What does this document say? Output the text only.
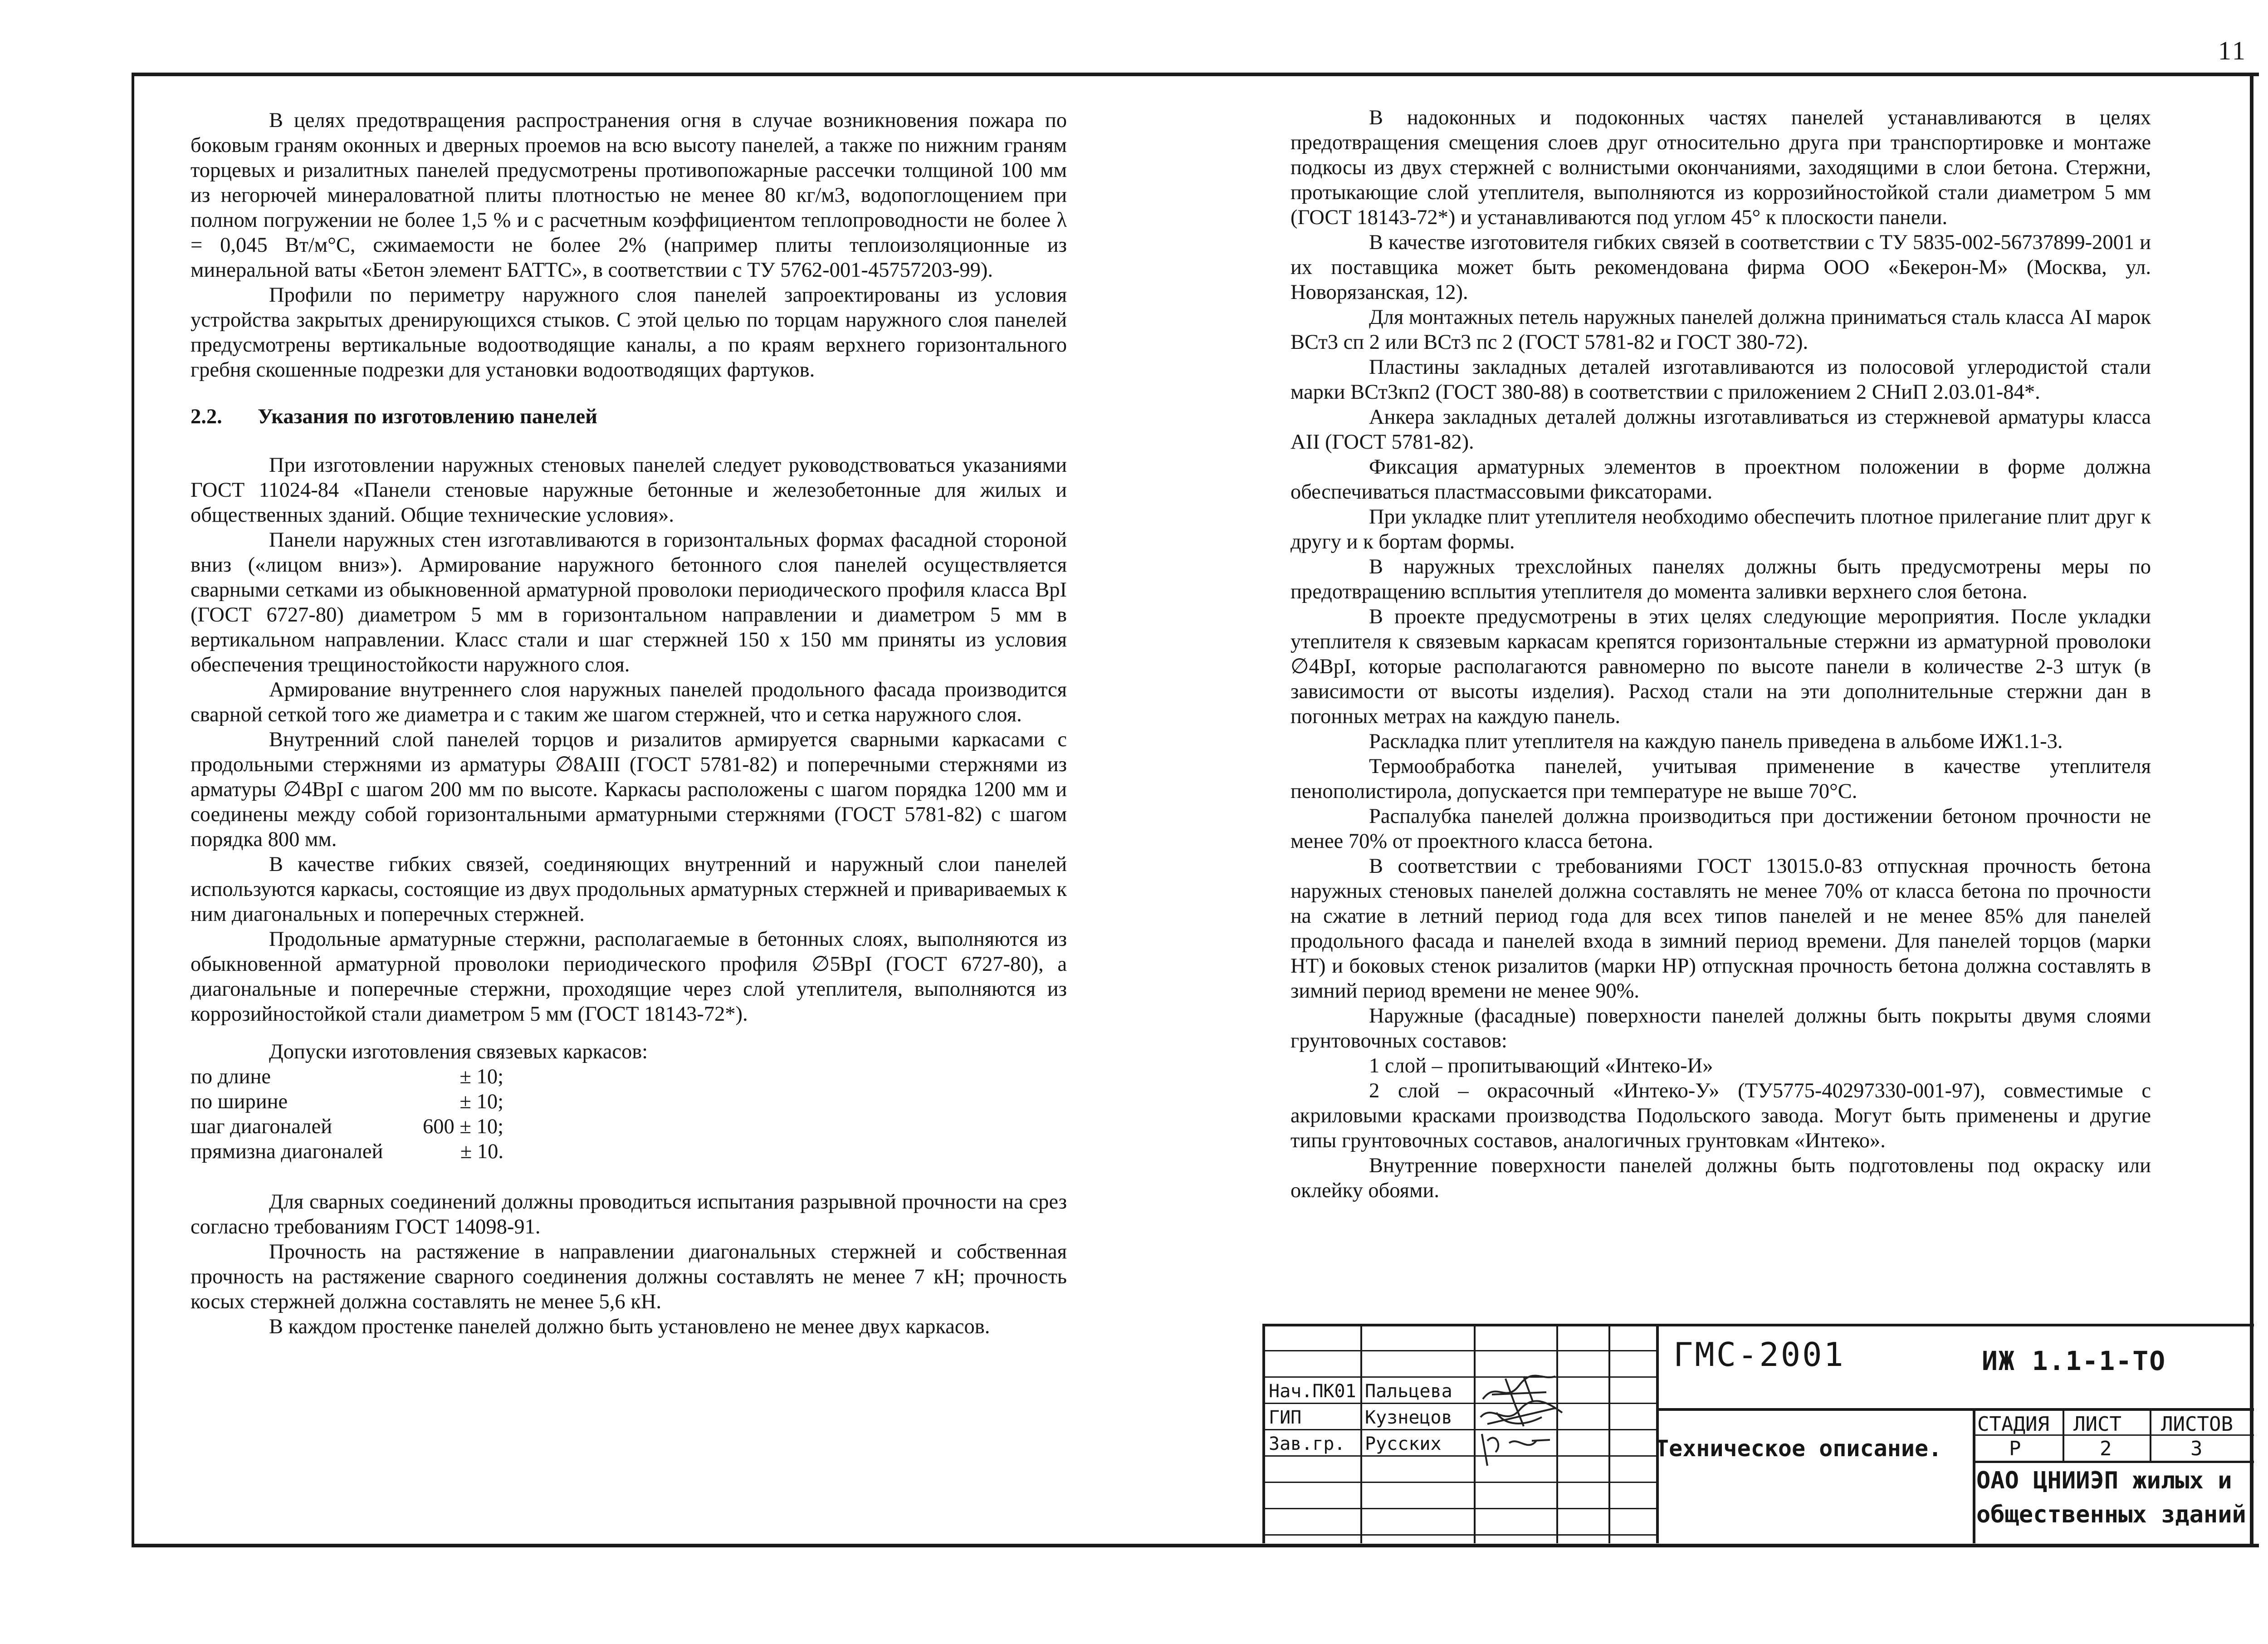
11

В целях предотвращения распространения огня в случае возникновения пожара по боковым граням оконных и дверных проемов на всю высоту панелей, а также по нижним граням торцевых и ризалитных панелей предусмотрены противопожарные рассечки толщиной 100 мм из негорючей минераловатной плиты плотностью не менее 80 кг/м3, водопоглощением при полном погружении не более 1,5 % и с расчетным коэффициентом теплопроводности не более λ = 0,045 Вт/м°С, сжимаемости не более 2% (например плиты теплоизоляционные из минеральной ваты «Бетон элемент БАТТС», в соответствии с ТУ 5762-001-45757203-99).

Профили по периметру наружного слоя панелей запроектированы из условия устройства закрытых дренирующихся стыков. С этой целью по торцам наружного слоя панелей предусмотрены вертикальные водоотводящие каналы, а по краям верхнего горизонтального гребня скошенные подрезки для установки водоотводящих фартуков.

2.2. Указания по изготовлению панелей

При изготовлении наружных стеновых панелей следует руководствоваться указаниями ГОСТ 11024-84 «Панели стеновые наружные бетонные и железобетонные для жилых и общественных зданий. Общие технические условия».

Панели наружных стен изготавливаются в горизонтальных формах фасадной стороной вниз («лицом вниз»). Армирование наружного бетонного слоя панелей осуществляется сварными сетками из обыкновенной арматурной проволоки периодического профиля класса ВрI (ГОСТ 6727-80) диаметром 5 мм в горизонтальном направлении и диаметром 5 мм в вертикальном направлении. Класс стали и шаг стержней 150 х 150 мм приняты из условия обеспечения трещиностойкости наружного слоя.

Армирование внутреннего слоя наружных панелей продольного фасада производится сварной сеткой того же диаметра и с таким же шагом стержней, что и сетка наружного слоя.

Внутренний слой панелей торцов и ризалитов армируется сварными каркасами с продольными стержнями из арматуры ∅8АIII (ГОСТ 5781-82) и поперечными стержнями из арматуры ∅4ВрI с шагом 200 мм по высоте. Каркасы расположены с шагом порядка 1200 мм и соединены между собой горизонтальными арматурными стержнями (ГОСТ 5781-82) с шагом порядка 800 мм.

В качестве гибких связей, соединяющих внутренний и наружный слои панелей используются каркасы, состоящие из двух продольных арматурных стержней и привариваемых к ним диагональных и поперечных стержней.

Продольные арматурные стержни, располагаемые в бетонных слоях, выполняются из обыкновенной арматурной проволоки периодического профиля ∅5ВрI (ГОСТ 6727-80), а диагональные и поперечные стержни, проходящие через слой утеплителя, выполняются из коррозийностойкой стали диаметром 5 мм (ГОСТ 18143-72*).

Допуски изготовления связевых каркасов:

по длине	± 10;
по ширине	± 10;
шаг диагоналей	600 ± 10;
прямизна диагоналей	± 10.

Для сварных соединений должны проводиться испытания разрывной прочности на срез согласно требованиям ГОСТ 14098-91.

Прочность на растяжение в направлении диагональных стержней и собственная прочность на растяжение сварного соединения должны составлять не менее 7 кН; прочность косых стержней должна составлять не менее 5,6 кН.

В каждом простенке панелей должно быть установлено не менее двух каркасов.

В надоконных и подоконных частях панелей устанавливаются в целях предотвращения смещения слоев друг относительно друга при транспортировке и монтаже подкосы из двух стержней с волнистыми окончаниями, заходящими в слои бетона. Стержни, протыкающие слой утеплителя, выполняются из коррозийностойкой стали диаметром 5 мм (ГОСТ 18143-72*) и устанавливаются под углом 45° к плоскости панели.

В качестве изготовителя гибких связей в соответствии с ТУ 5835-002-56737899-2001 и их поставщика может быть рекомендована фирма ООО «Бекерон-М» (Москва, ул. Новорязанская, 12).

Для монтажных петель наружных панелей должна приниматься сталь класса АI марок ВСт3 сп 2 или ВСт3 пс 2 (ГОСТ 5781-82 и ГОСТ 380-72).

Пластины закладных деталей изготавливаются из полосовой углеродистой стали марки ВСт3кп2 (ГОСТ 380-88) в соответствии с приложением 2 СНиП 2.03.01-84*.

Анкера закладных деталей должны изготавливаться из стержневой арматуры класса АII (ГОСТ 5781-82).

Фиксация арматурных элементов в проектном положении в форме должна обеспечиваться пластмассовыми фиксаторами.

При укладке плит утеплителя необходимо обеспечить плотное прилегание плит друг к другу и к бортам формы.

В наружных трехслойных панелях должны быть предусмотрены меры по предотвращению всплытия утеплителя до момента заливки верхнего слоя бетона.

В проекте предусмотрены в этих целях следующие мероприятия. После укладки утеплителя к связевым каркасам крепятся горизонтальные стержни из арматурной проволоки ∅4ВрI, которые располагаются равномерно по высоте панели в количестве 2-3 штук (в зависимости от высоты изделия). Расход стали на эти дополнительные стержни дан в погонных метрах на каждую панель.

Раскладка плит утеплителя на каждую панель приведена в альбоме ИЖ1.1-3.

Термообработка панелей, учитывая применение в качестве утеплителя пенополистирола, допускается при температуре не выше 70°С.

Распалубка панелей должна производиться при достижении бетоном прочности не менее 70% от проектного класса бетона.

В соответствии с требованиями ГОСТ 13015.0-83 отпускная прочность бетона наружных стеновых панелей должна составлять не менее 70% от класса бетона по прочности на сжатие в летний период года для всех типов панелей и не менее 85% для панелей продольного фасада и панелей входа в зимний период времени. Для панелей торцов (марки НТ) и боковых стенок ризалитов (марки НР) отпускная прочность бетона должна составлять в зимний период времени не менее 90%.

Наружные (фасадные) поверхности панелей должны быть покрыты двумя слоями грунтовочных составов:

1 слой – пропитывающий «Интеко-И»

2 слой – окрасочный «Интеко-У» (ТУ5775-40297330-001-97), совместимые с акриловыми красками производства Подольского завода. Могут быть применены и другие типы грунтовочных составов, аналогичных грунтовкам «Интеко».

Внутренние поверхности панелей должны быть подготовлены под окраску или оклейку обоями.

Нач.ПК01 Пальцева
ГИП	Кузнецов
Зав.гр. Русских
ГМС-2001	ИЖ 1.1-1-ТО
Техническое описание.
СТАДИЯ ЛИСТ ЛИСТОВ
Р	2	3
ОАО ЦНИИЭП жилых и
общественных зданий
